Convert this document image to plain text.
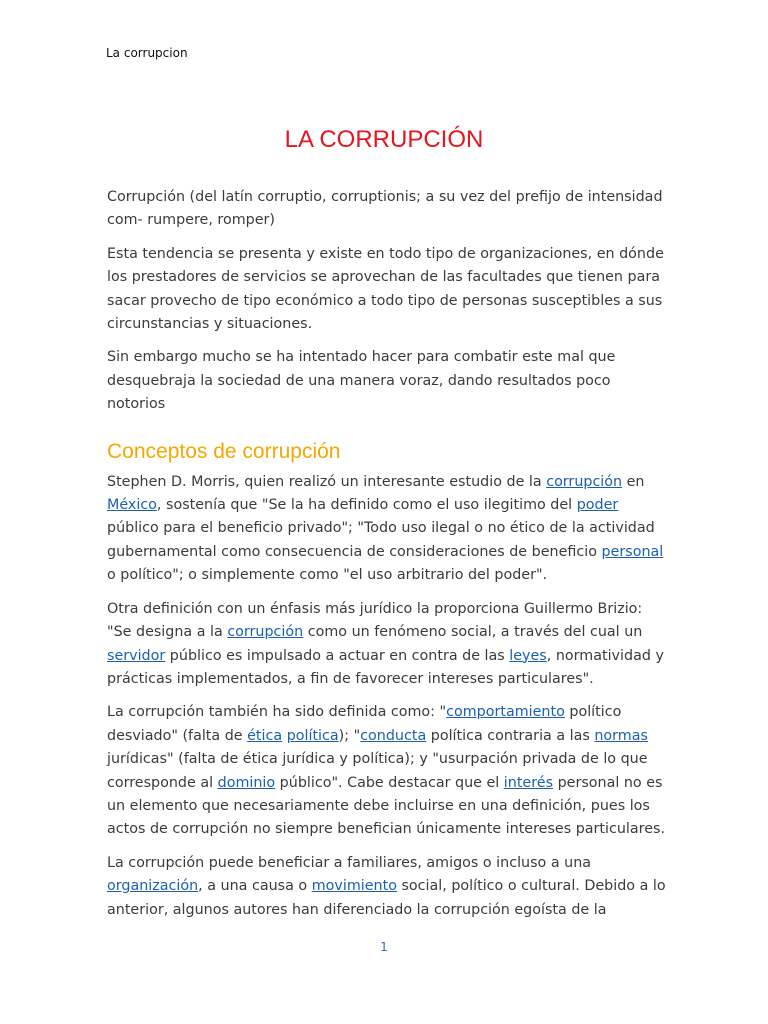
La corrupcion
LA CORRUPCIÓN

Corrupción (del latín corruptio, corruptionis; a su vez del prefijo de intensidad com- rumpere, romper)

Esta tendencia se presenta y existe en todo tipo de organizaciones, en dónde los prestadores de servicios se aprovechan de las facultades que tienen para sacar provecho de tipo económico a todo tipo de personas susceptibles a sus circunstancias y situaciones.

Sin embargo mucho se ha intentado hacer para combatir este mal que desquebraja la sociedad de una manera voraz, dando resultados poco notorios

Conceptos de corrupción

Stephen D. Morris, quien realizó un interesante estudio de la corrupción en México, sostenía que "Se la ha definido como el uso ilegitimo del poder público para el beneficio privado"; "Todo uso ilegal o no ético de la actividad gubernamental como consecuencia de consideraciones de beneficio personal o político"; o simplemente como "el uso arbitrario del poder".

Otra definición con un énfasis más jurídico la proporciona Guillermo Brizio: "Se designa a la corrupción como un fenómeno social, a través del cual un servidor público es impulsado a actuar en contra de las leyes, normatividad y prácticas implementados, a fin de favorecer intereses particulares".

La corrupción también ha sido definida como: "comportamiento político desviado" (falta de ética política); "conducta política contraria a las normas jurídicas" (falta de ética jurídica y política); y "usurpación privada de lo que corresponde al dominio público". Cabe destacar que el interés personal no es un elemento que necesariamente debe incluirse en una definición, pues los actos de corrupción no siempre benefician únicamente intereses particulares.

La corrupción puede beneficiar a familiares, amigos o incluso a una organización, a una causa o movimiento social, político o cultural. Debido a lo anterior, algunos autores han diferenciado la corrupción egoísta de la

1
